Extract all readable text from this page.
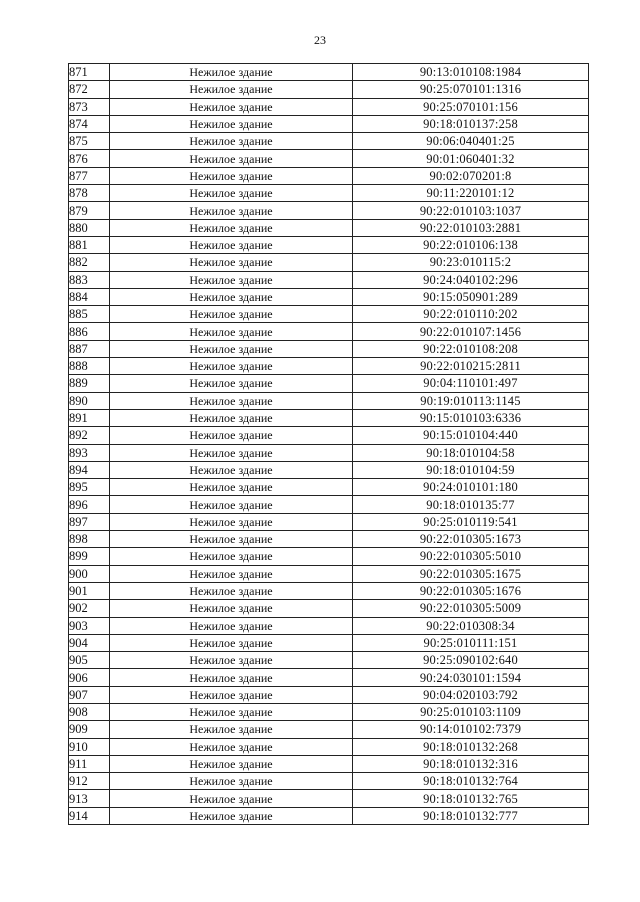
23
871	Нежилое здание	90:13:010108:1984
872	Нежилое здание	90:25:070101:1316
873	Нежилое здание	90:25:070101:156
874	Нежилое здание	90:18:010137:258
875	Нежилое здание	90:06:040401:25
876	Нежилое здание	90:01:060401:32
877	Нежилое здание	90:02:070201:8
878	Нежилое здание	90:11:220101:12
879	Нежилое здание	90:22:010103:1037
880	Нежилое здание	90:22:010103:2881
881	Нежилое здание	90:22:010106:138
882	Нежилое здание	90:23:010115:2
883	Нежилое здание	90:24:040102:296
884	Нежилое здание	90:15:050901:289
885	Нежилое здание	90:22:010110:202
886	Нежилое здание	90:22:010107:1456
887	Нежилое здание	90:22:010108:208
888	Нежилое здание	90:22:010215:2811
889	Нежилое здание	90:04:110101:497
890	Нежилое здание	90:19:010113:1145
891	Нежилое здание	90:15:010103:6336
892	Нежилое здание	90:15:010104:440
893	Нежилое здание	90:18:010104:58
894	Нежилое здание	90:18:010104:59
895	Нежилое здание	90:24:010101:180
896	Нежилое здание	90:18:010135:77
897	Нежилое здание	90:25:010119:541
898	Нежилое здание	90:22:010305:1673
899	Нежилое здание	90:22:010305:5010
900	Нежилое здание	90:22:010305:1675
901	Нежилое здание	90:22:010305:1676
902	Нежилое здание	90:22:010305:5009
903	Нежилое здание	90:22:010308:34
904	Нежилое здание	90:25:010111:151
905	Нежилое здание	90:25:090102:640
906	Нежилое здание	90:24:030101:1594
907	Нежилое здание	90:04:020103:792
908	Нежилое здание	90:25:010103:1109
909	Нежилое здание	90:14:010102:7379
910	Нежилое здание	90:18:010132:268
911	Нежилое здание	90:18:010132:316
912	Нежилое здание	90:18:010132:764
913	Нежилое здание	90:18:010132:765
914	Нежилое здание	90:18:010132:777
